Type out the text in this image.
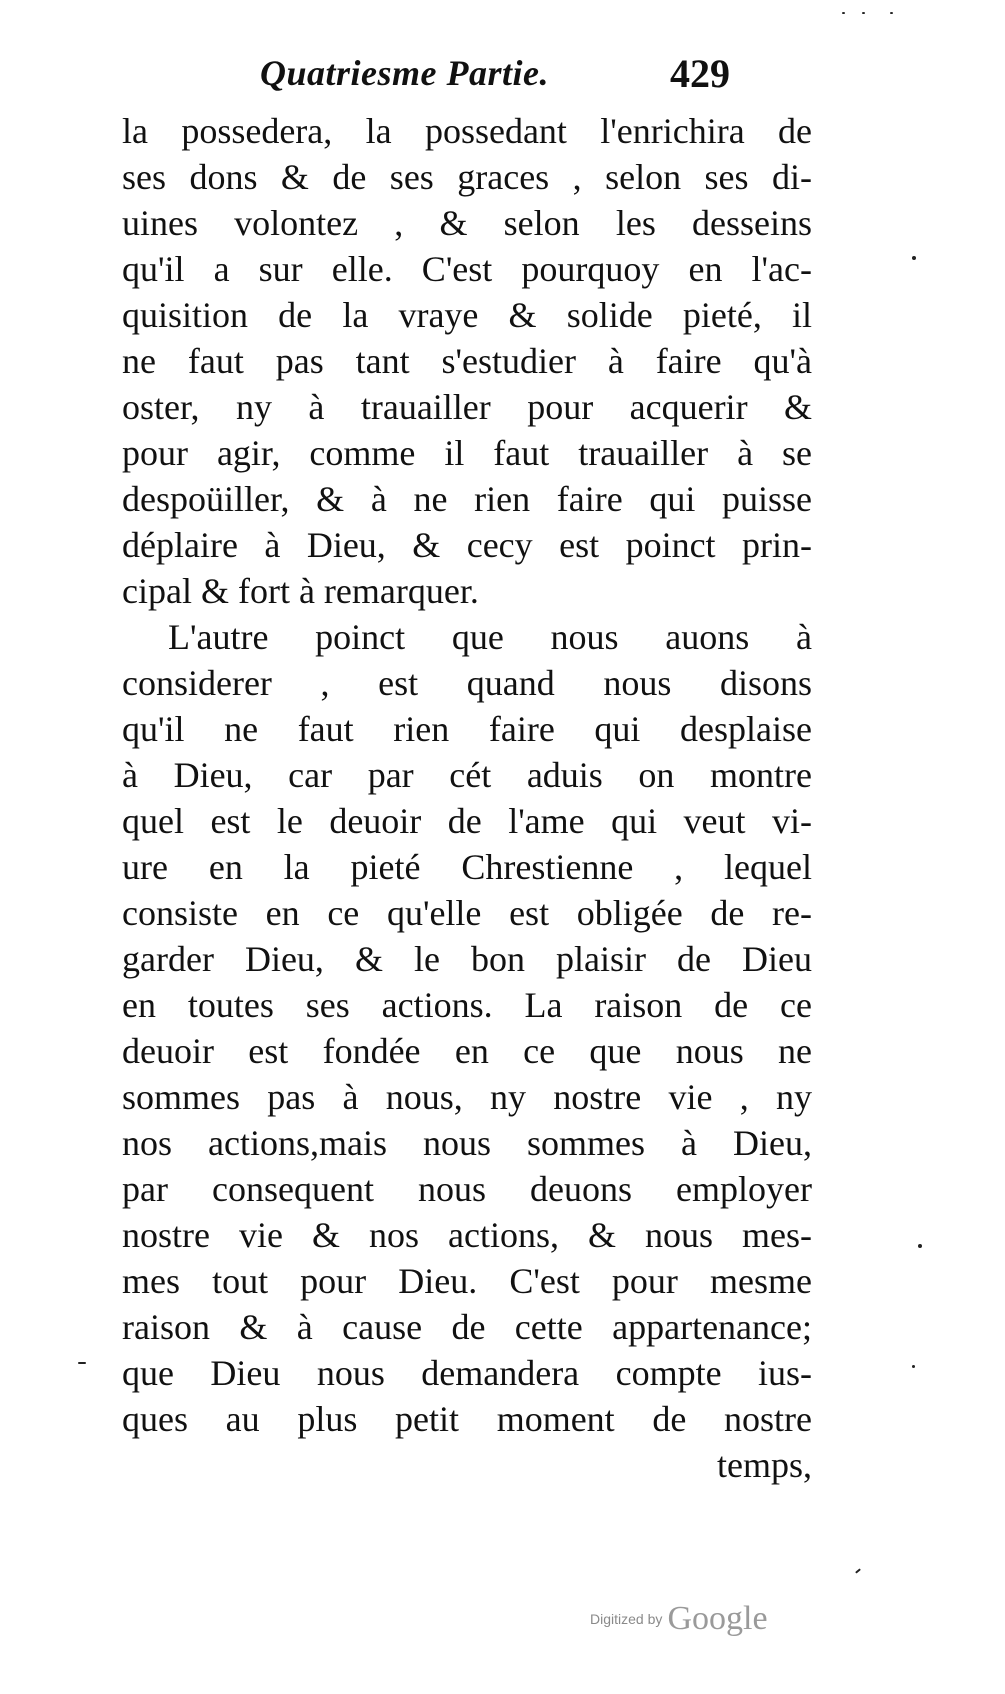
Quatriesme Partie.	429
la possedera, la possedant l'enrichira de
ses dons & de ses graces , selon ses di-
uines volontez , & selon les desseins
qu'il a sur elle. C'est pourquoy en l'ac-
quisition de la vraye & solide pieté, il
ne faut pas tant s'estudier à faire qu'à
oster, ny à trauailler pour acquerir &
pour agir, comme il faut trauailler à se
despoüiller, & à ne rien faire qui puisse
déplaire à Dieu, & cecy est poinct prin-
cipal & fort à remarquer.
L'autre poinct que nous auons à
considerer , est quand nous disons
qu'il ne faut rien faire qui desplaise
à Dieu, car par cét aduis on montre
quel est le deuoir de l'ame qui veut vi-
ure en la pieté Chrestienne , lequel
consiste en ce qu'elle est obligée de re-
garder Dieu, & le bon plaisir de Dieu
en toutes ses actions. La raison de ce
deuoir est fondée en ce que nous ne
sommes pas à nous, ny nostre vie , ny
nos actions,mais nous sommes à Dieu,
par consequent nous deuons employer
nostre vie & nos actions, & nous mes-
mes tout pour Dieu. C'est pour mesme
raison & à cause de cette appartenance;
que Dieu nous demandera compte ius-
ques au plus petit moment de nostre
temps,
Digitized by Google
